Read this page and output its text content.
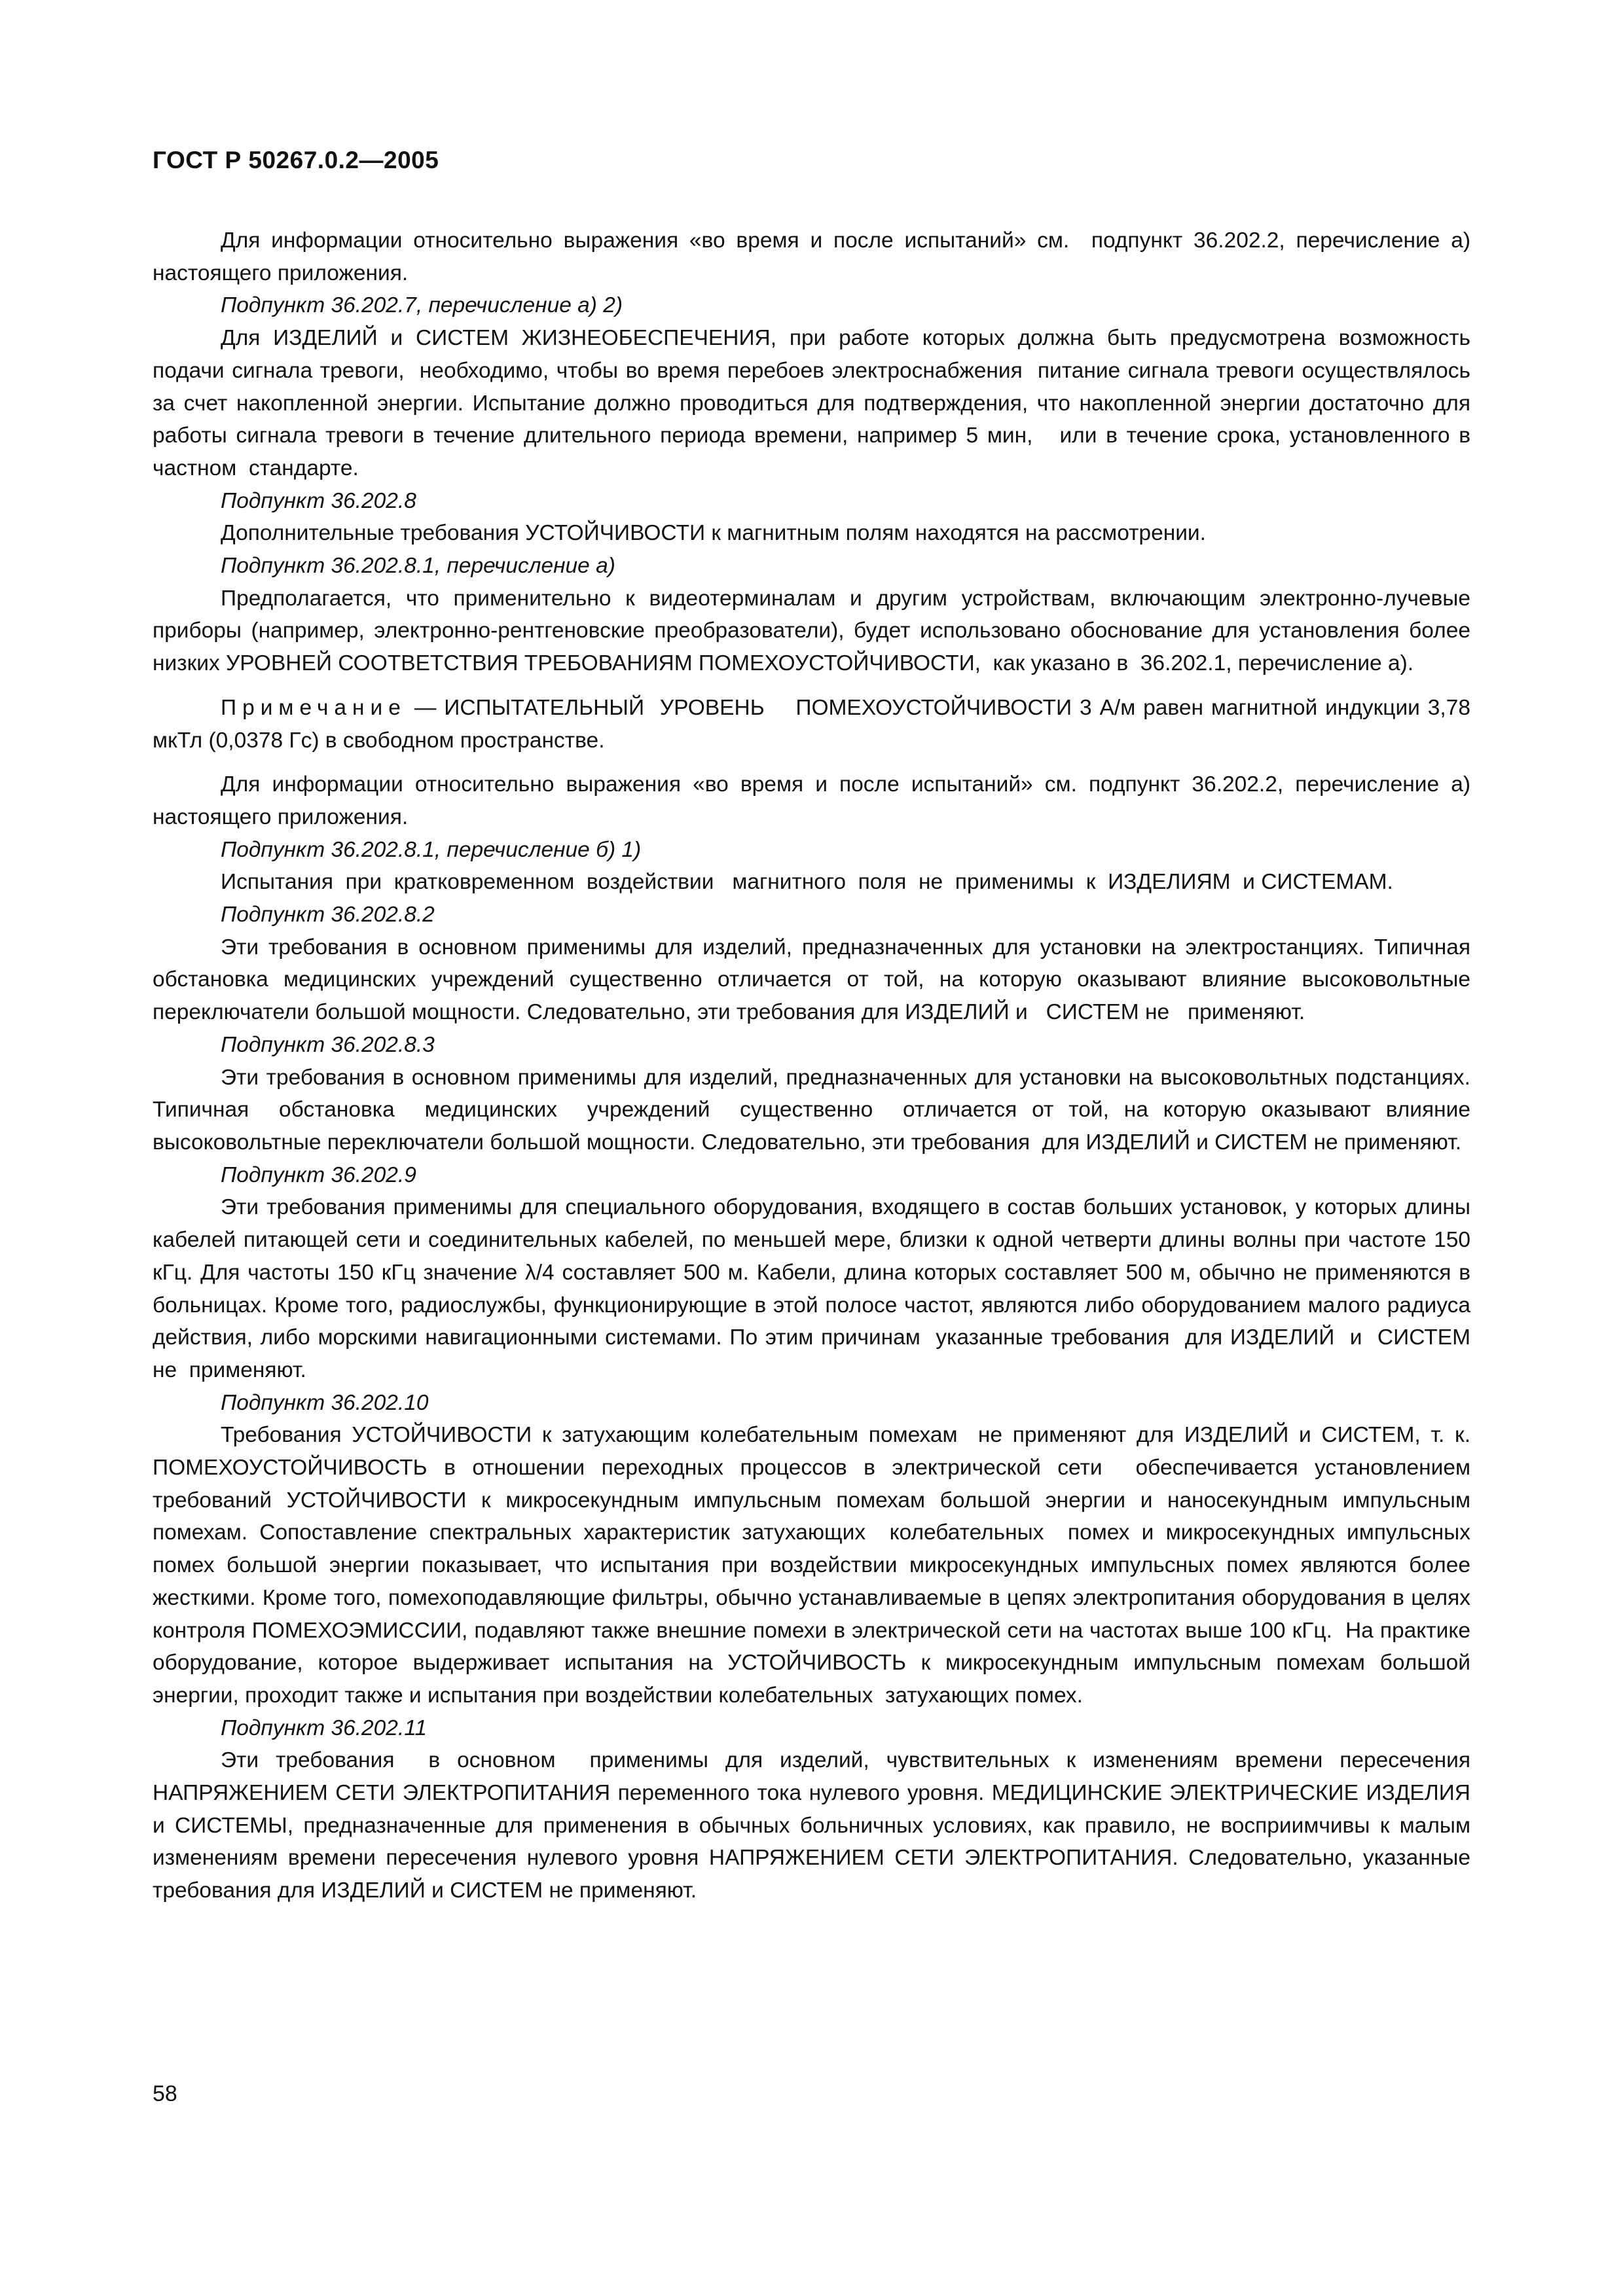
ГОСТ Р 50267.0.2—2005

Для информации относительно выражения «во время и после испытаний» см.  подпункт 36.202.2, перечисление а) настоящего приложения.

Подпункт 36.202.7, перечисление а) 2)

Для ИЗДЕЛИЙ и СИСТЕМ ЖИЗНЕОБЕСПЕЧЕНИЯ, при работе которых должна быть предусмотрена возможность подачи сигнала тревоги,  необходимо, чтобы во время перебоев электроснабжения  питание сигнала тревоги осуществлялось за счет накопленной энергии. Испытание должно проводиться для подтверждения, что накопленной энергии достаточно для работы сигнала тревоги в течение длительного периода времени, например 5 мин,   или в течение срока, установленного в частном  стандарте.

Подпункт 36.202.8

Дополнительные требования УСТОЙЧИВОСТИ к магнитным полям находятся на рассмотрении.

Подпункт 36.202.8.1, перечисление а)

Предполагается, что применительно к видеотерминалам и другим устройствам, включающим электронно-лучевые приборы (например, электронно-рентгеновские преобразователи), будет использовано обоснование для установления более низких УРОВНЕЙ СООТВЕТСТВИЯ ТРЕБОВАНИЯМ ПОМЕХОУСТОЙЧИВОСТИ,  как указано в  36.202.1, перечисление а).

Примечание — ИСПЫТАТЕЛЬНЫЙ  УРОВЕНЬ    ПОМЕХОУСТОЙЧИВОСТИ 3 А/м равен магнитной индукции 3,78 мкТл (0,0378 Гс) в свободном пространстве.

Для информации относительно выражения «во время и после испытаний» см. подпункт 36.202.2, перечисление а) настоящего приложения.

Подпункт 36.202.8.1, перечисление б) 1)

Испытания  при  кратковременном  воздействии   магнитного  поля  не  применимы  к  ИЗДЕЛИЯМ  и СИСТЕМАМ.

Подпункт 36.202.8.2

Эти требования в основном применимы для изделий, предназначенных для установки на электростанциях. Типичная обстановка медицинских учреждений существенно отличается от той, на которую оказывают влияние высоковольтные переключатели большой мощности. Следовательно, эти требования для ИЗДЕЛИЙ и   СИСТЕМ не   применяют.

Подпункт 36.202.8.3

Эти требования в основном применимы для изделий, предназначенных для установки на высоковольтных подстанциях.  Типичная  обстановка  медицинских  учреждений  существенно  отличается от той, на которую оказывают влияние высоковольтные переключатели большой мощности. Следовательно, эти требования  для ИЗДЕЛИЙ и СИСТЕМ не применяют.

Подпункт 36.202.9

Эти требования применимы для специального оборудования, входящего в состав больших установок, у которых длины кабелей питающей сети и соединительных кабелей, по меньшей мере, близки к одной четверти длины волны при частоте 150 кГц. Для частоты 150 кГц значение λ/4 составляет 500 м. Кабели, длина которых составляет 500 м, обычно не применяются в больницах. Кроме того, радиослужбы, функционирующие в этой полосе частот, являются либо оборудованием малого радиуса действия, либо морскими навигационными системами. По этим причинам  указанные требования  для ИЗДЕЛИЙ  и  СИСТЕМ  не  применяют.

Подпункт 36.202.10

Требования УСТОЙЧИВОСТИ к затухающим колебательным помехам  не применяют для ИЗДЕЛИЙ и СИСТЕМ, т. к. ПОМЕХОУСТОЙЧИВОСТЬ в отношении переходных процессов в электрической сети  обеспечивается установлением требований УСТОЙЧИВОСТИ к микросекундным импульсным помехам большой энергии и наносекундным импульсным помехам. Сопоставление спектральных характеристик затухающих  колебательных  помех и микросекундных импульсных помех большой энергии показывает, что испытания при воздействии микросекундных импульсных помех являются более жесткими. Кроме того, помехоподавляющие фильтры, обычно устанавливаемые в цепях электропитания оборудования в целях контроля ПОМЕХОЭМИССИИ, подавляют также внешние помехи в электрической сети на частотах выше 100 кГц.  На практике  оборудование, которое выдерживает испытания на УСТОЙЧИВОСТЬ к микросекундным импульсным помехам большой энергии, проходит также и испытания при воздействии колебательных  затухающих помех.

Подпункт 36.202.11

Эти требования  в основном  применимы для изделий, чувствительных к изменениям времени пересечения НАПРЯЖЕНИЕМ СЕТИ ЭЛЕКТРОПИТАНИЯ переменного тока нулевого уровня. МЕДИЦИНСКИЕ ЭЛЕКТРИЧЕСКИЕ ИЗДЕЛИЯ и СИСТЕМЫ, предназначенные для применения в обычных больничных условиях, как правило, не восприимчивы к малым изменениям времени пересечения нулевого уровня НАПРЯЖЕНИЕМ СЕТИ ЭЛЕКТРОПИТАНИЯ. Следовательно, указанные требования для ИЗДЕЛИЙ и СИСТЕМ не применяют.

58
